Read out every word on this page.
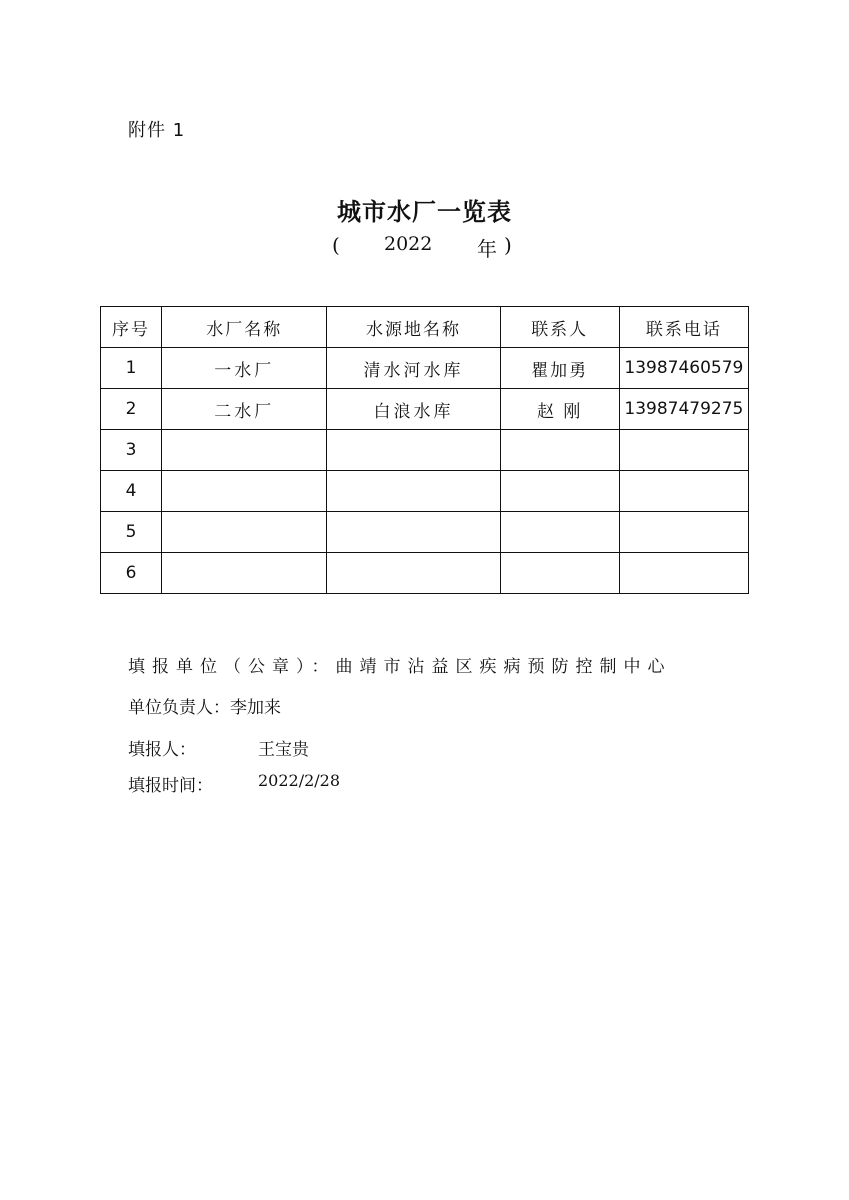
附件 1
城市水厂一览表
( 2022 年 )
序号	水厂名称	水源地名称	联系人	联系电话
1	一水厂	清水河水库	瞿加勇	13987460579
2	二水厂	白浪水库	赵 刚	13987479275
3				
4				
5				
6				
填报单位（公章）：曲靖市沾益区疾病预防控制中心
单位负责人：李加来
填报人：	王宝贵
填报时间：	2022/2/28
